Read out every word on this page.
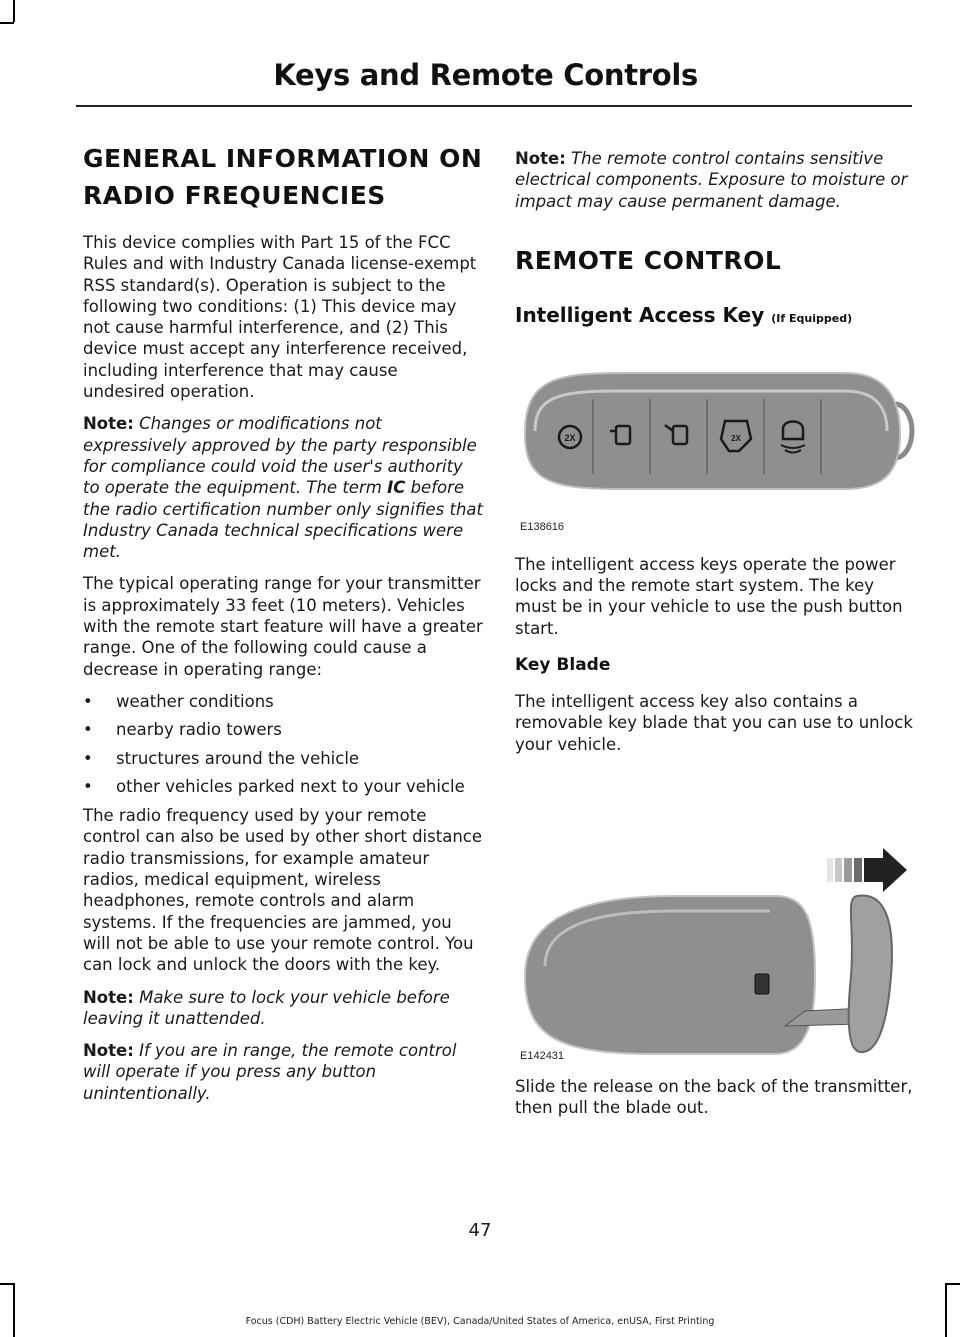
Keys and Remote Controls
GENERAL INFORMATION ON
RADIO FREQUENCIES

This device complies with Part 15 of the FCC Rules and with Industry Canada license-exempt RSS standard(s). Operation is subject to the following two conditions: (1) This device may not cause harmful interference, and (2) This device must accept any interference received, including interference that may cause undesired operation.

Note: Changes or modifications not expressively approved by the party responsible for compliance could void the user's authority to operate the equipment. The term IC before the radio certification number only signifies that Industry Canada technical specifications were met.

The typical operating range for your transmitter is approximately 33 feet (10 meters). Vehicles with the remote start feature will have a greater range. One of the following could cause a decrease in operating range:

• weather conditions
• nearby radio towers
• structures around the vehicle
• other vehicles parked next to your vehicle

The radio frequency used by your remote control can also be used by other short distance radio transmissions, for example amateur radios, medical equipment, wireless headphones, remote controls and alarm systems. If the frequencies are jammed, you will not be able to use your remote control. You can lock and unlock the doors with the key.

Note: Make sure to lock your vehicle before leaving it unattended.

Note: If you are in range, the remote control will operate if you press any button unintentionally.

Note: The remote control contains sensitive electrical components. Exposure to moisture or impact may cause permanent damage.

REMOTE CONTROL
Intelligent Access Key (If Equipped)
2X	2X
E138616

The intelligent access keys operate the power locks and the remote start system. The key must be in your vehicle to use the push button start.

Key Blade

The intelligent access key also contains a removable key blade that you can use to unlock your vehicle.

E142431

Slide the release on the back of the transmitter, then pull the blade out.

47
Focus (CDH) Battery Electric Vehicle (BEV), Canada/United States of America, enUSA, First Printing
